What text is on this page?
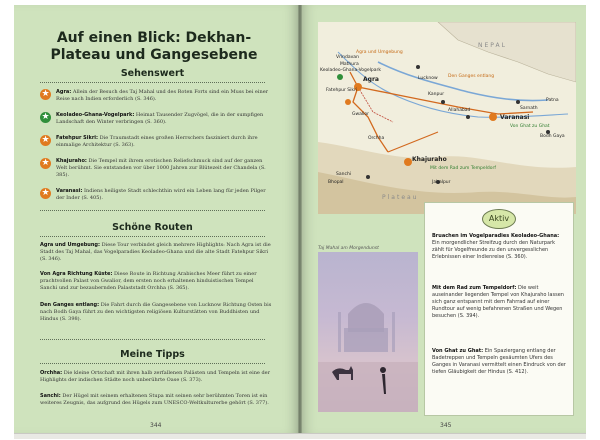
Auf einen Blick: Dekhan-Plateau und Gangesebene
Sehenswert
★ Agra: Allein der Besuch des Taj Mahal und des Roten Forts sind ein Muss bei einer Reise nach Indien erforderlich (S. 346).
★ Keoladeo-Ghana-Vogelpark: Heimat Tausender Zugvögel, die in der sumpfigen Landschaft den Winter verbringen (S. 360).
★ Fatehpur Sikri: Die Traumstadt eines großen Herrschers fasziniert durch ihre einmalige Architektur (S. 363).
★ Khajuraho: Die Tempel mit ihrem erotischen Reliefschmuck sind auf der ganzen Welt berühmt. Sie entstanden vor über 1000 Jahren zur Blütezeit der Chandela (S. 385).
★ Varanasi: Indiens heiligste Stadt schlechthin wird ein Leben lang für jeden Pilger der Inder (S. 405).
Schöne Routen
Agra und Umgebung: Diese Tour verbindet gleich mehrere Highlights: Nach Agra ist die Stadt des Taj Mahal, das Vogelparadies Keoladeo-Ghana und die alte Stadt Fatehpur Sikri (S. 346).
Von Agra Richtung Küste: Diese Route in Richtung Arabisches Meer führt zu einer prachtvollen Palast von Gwalior, dem ersten noch erhaltenen hinduistischen Tempel Sanchi und zur bezaubernden Palaststadt Orchha (S. 365).
Den Ganges entlang: Die Fahrt durch die Gangesebene von Lucknow Richtung Osten bis nach Bodh Gaya führt zu den wichtigsten religiösen Kulturstätten von Buddhisten und Hindus (S. 398).
Meine Tipps
Orchha: Die kleine Ortschaft mit ihren halb zerfallenen Palästen und Tempeln ist eine der Highlights der indischen Städte noch unberührte Oase (S. 373).
Sanchi: Der Hügel mit seinem erhaltenen Stupa mit seinen sehr berühmten Toren ist ein weiteres Zeugnis, das aufgrund des Hügels zum UNESCO-Weltkulturerbe gehört (S. 377).
344
NEPAL
Agra
Vrindavan
Mathura
Keoladeo-Ghana-Vogelpark
Fatehpur Sikri
Gwalior
Orchha
Khajuraho
Lucknow
Kanpur
Allahabad
Varanasi
Den Ganges entlang
Sarnath
Patna
Bodh Gaya
Von Ghat zu Ghat
Sanchi
Bhopal	Jabalpur
Plateau
Mit dem Rad zum Tempeldorf
Agra und Umgebung
Taj Mahal am Morgendunst
Aktiv
Bruachen im Vogelparadies Keoladeo-Ghana: Ein morgendlicher Streifzug durch den Naturpark zählt für Vogelfreunde zu den unvergesslichen Erlebnissen einer Indienreise (S. 360).
Mit dem Rad zum Tempeldorf: Die weit auseinander liegenden Tempel von Khajuraho lassen sich ganz entspannt mit dem Fahrrad auf einer Rundtour auf wenig befahrenen Straßen und Wegen besuchen (S. 394).
Von Ghat zu Ghat: Ein Spaziergang entlang der Badetreppen und Tempeln gesäumten Ufers des Ganges in Varanasi vermittelt einen Eindruck von der tiefen Gläubigkeit der Hindus (S. 412).
345
